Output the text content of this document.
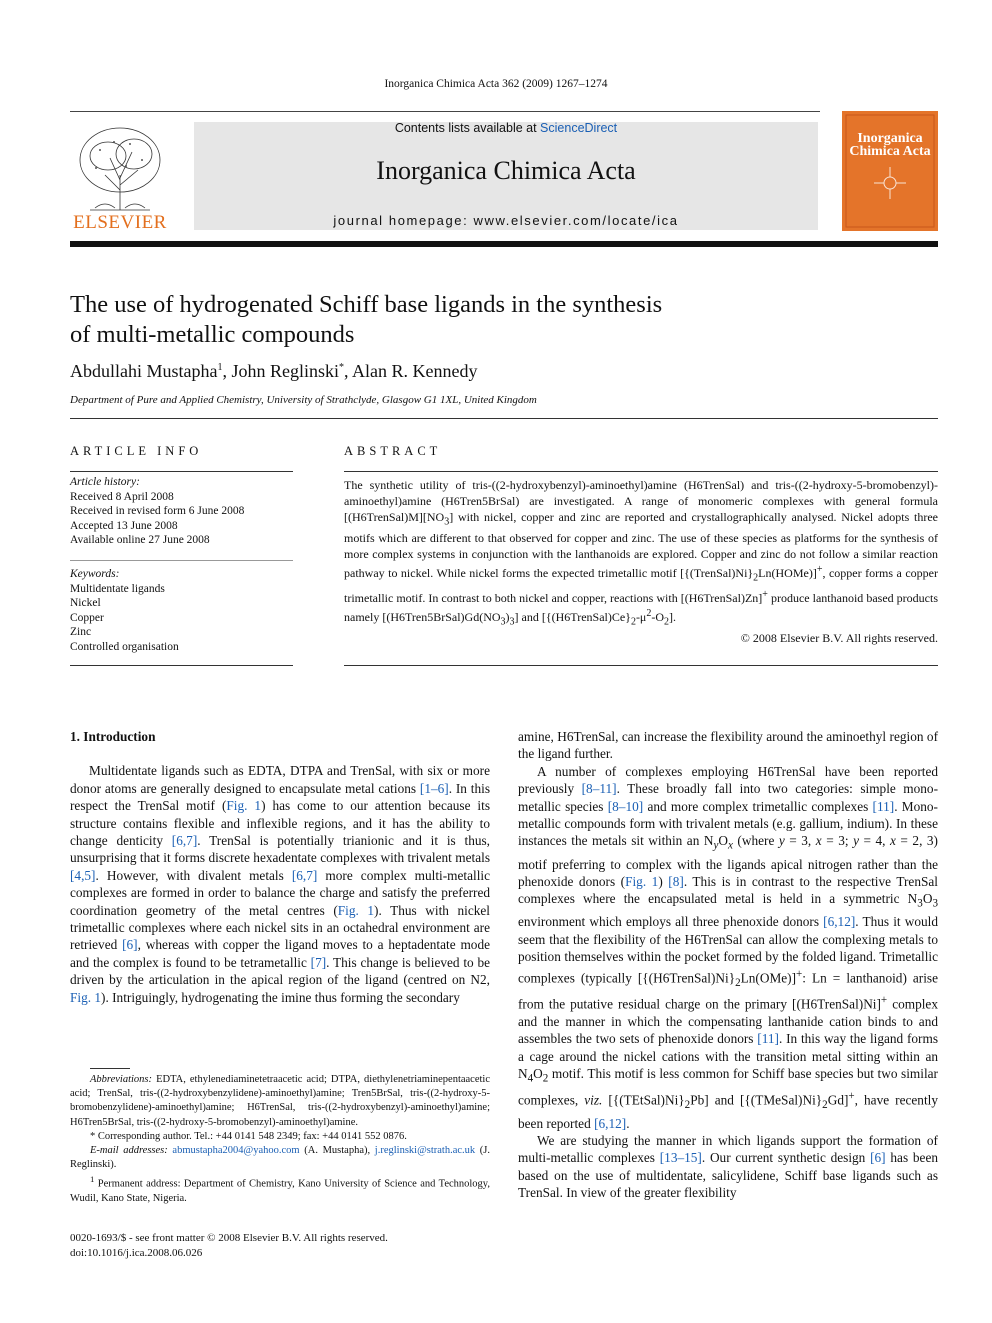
Inorganica Chimica Acta 362 (2009) 1267–1274
ELSEVIER
Contents lists available at ScienceDirect
Inorganica Chimica Acta
journal homepage: www.elsevier.com/locate/ica
Inorganica
Chimica Acta
The use of hydrogenated Schiff base ligands in the synthesis
of multi-metallic compounds
Abdullahi Mustapha$^1$, John Reglinski*, Alan R. Kennedy
Department of Pure and Applied Chemistry, University of Strathclyde, Glasgow G1 1XL, United Kingdom
ARTICLE INFO
Article history:
Received 8 April 2008
Received in revised form 6 June 2008
Accepted 13 June 2008
Available online 27 June 2008
Keywords:
Multidentate ligands
Nickel
Copper
Zinc
Controlled organisation
ABSTRACT
The synthetic utility of tris-((2-hydroxybenzyl)-aminoethyl)amine (H6TrenSal) and tris-((2-hydroxy-5-bromobenzyl)-aminoethyl)amine (H6Tren5BrSal) are investigated. A range of monomeric complexes with general formula $[(H6TrenSal)M][NO_3]$ with nickel, copper and zinc are reported and crystallographically analysed. Nickel adopts three motifs which are different to that observed for copper and zinc. The use of these species as platforms for the synthesis of more complex systems in conjunction with the lanthanoids are explored. Copper and zinc do not follow a similar reaction pathway to nickel. While nickel forms the expected trimetallic motif $[\{(TrenSal)Ni\}_2Ln(HOMe)]^+$, copper forms a copper trimetallic motif. In contrast to both nickel and copper, reactions with [(H6TrenSal)Zn]+ produce lanthanoid based products namely $[(H6Tren5BrSal)Gd(NO_3)_3]$ and $[\{(H6TrenSal)Ce\}_2-\mu^2-O_2]$.
© 2008 Elsevier B.V. All rights reserved.

1. Introduction

Multidentate ligands such as EDTA, DTPA and TrenSal, with six or more donor atoms are generally designed to encapsulate metal cations [1–6]. In this respect the TrenSal motif (Fig. 1) has come to our attention because its structure contains flexible and inflexible regions, and it has the ability to change denticity [6,7]. TrenSal is potentially trianionic and it is thus, unsurprising that it forms discrete hexadentate complexes with trivalent metals [4,5]. However, with divalent metals [6,7] more complex multi-metallic complexes are formed in order to balance the charge and satisfy the preferred coordination geometry of the metal centres (Fig. 1). Thus with nickel trimetallic complexes where each nickel sits in an octahedral environment are retrieved [6], whereas with copper the ligand moves to a heptadentate mode and the complex is found to be tetrametallic [7]. This change is believed to be driven by the articulation in the apical region of the ligand (centred on N2, Fig. 1). Intriguingly, hydrogenating the imine thus forming the secondary

Abbreviations: EDTA, ethylenediaminetetraacetic acid; DTPA, diethylenetriaminepentaacetic acid; TrenSal, tris-((2-hydroxybenzylidene)-aminoethyl)amine; Tren5BrSal, tris-((2-hydroxy-5-bromobenzylidene)-aminoethyl)amine; H6TrenSal, tris-((2-hydroxybenzyl)-aminoethyl)amine; H6Tren5BrSal, tris-((2-hydroxy-5-bromobenzyl)-aminoethyl)amine.

* Corresponding author. Tel.: +44 0141 548 2349; fax: +44 0141 552 0876.

E-mail addresses: abmustapha2004@yahoo.com (A. Mustapha), j.reglinski@strath.ac.uk (J. Reglinski).

$^1$ Permanent address: Department of Chemistry, Kano University of Science and Technology, Wudil, Kano State, Nigeria.

0020-1693/$ - see front matter © 2008 Elsevier B.V. All rights reserved.
doi:10.1016/j.ica.2008.06.026

amine, H6TrenSal, can increase the flexibility around the aminoethyl region of the ligand further.

A number of complexes employing H6TrenSal have been reported previously [8–11]. These broadly fall into two categories: simple mono-metallic species [8–10] and more complex trimetallic complexes [11]. Mono-metallic compounds form with trivalent metals (e.g. gallium, indium). In these instances the metals sit within an $N_yO_x$ (where y = 3, x = 3; y = 4, x = 2, 3) motif preferring to complex with the ligands apical nitrogen rather than the phenoxide donors (Fig. 1) [8]. This is in contrast to the respective TrenSal complexes where the encapsulated metal is held in a symmetric $N_3O_3$ environment which employs all three phenoxide donors [6,12]. Thus it would seem that the flexibility of the H6TrenSal can allow the complexing metals to position themselves within the pocket formed by the folded ligand. Trimetallic complexes (typically $[\{(H6TrenSal)Ni\}_2Ln(OMe)]^+$: Ln = lanthanoid) arise from the putative residual charge on the primary [(H6TrenSal)Ni]+ complex and the manner in which the compensating lanthanide cation binds to and assembles the two sets of phenoxide donors [11]. In this way the ligand forms a cage around the nickel cations with the transition metal sitting within an $N_4O_2$ motif. This motif is less common for Schiff base species but two similar complexes, viz. $[\{(TEtSal)Ni\}_2Pb]$ and $[\{(TMeSal)Ni\}_2Gd]^+$, have recently been reported [6,12].

We are studying the manner in which ligands support the formation of multi-metallic complexes [13–15]. Our current synthetic design [6] has been based on the use of multidentate, salicylidene, Schiff base ligands such as TrenSal. In view of the greater flexibility
